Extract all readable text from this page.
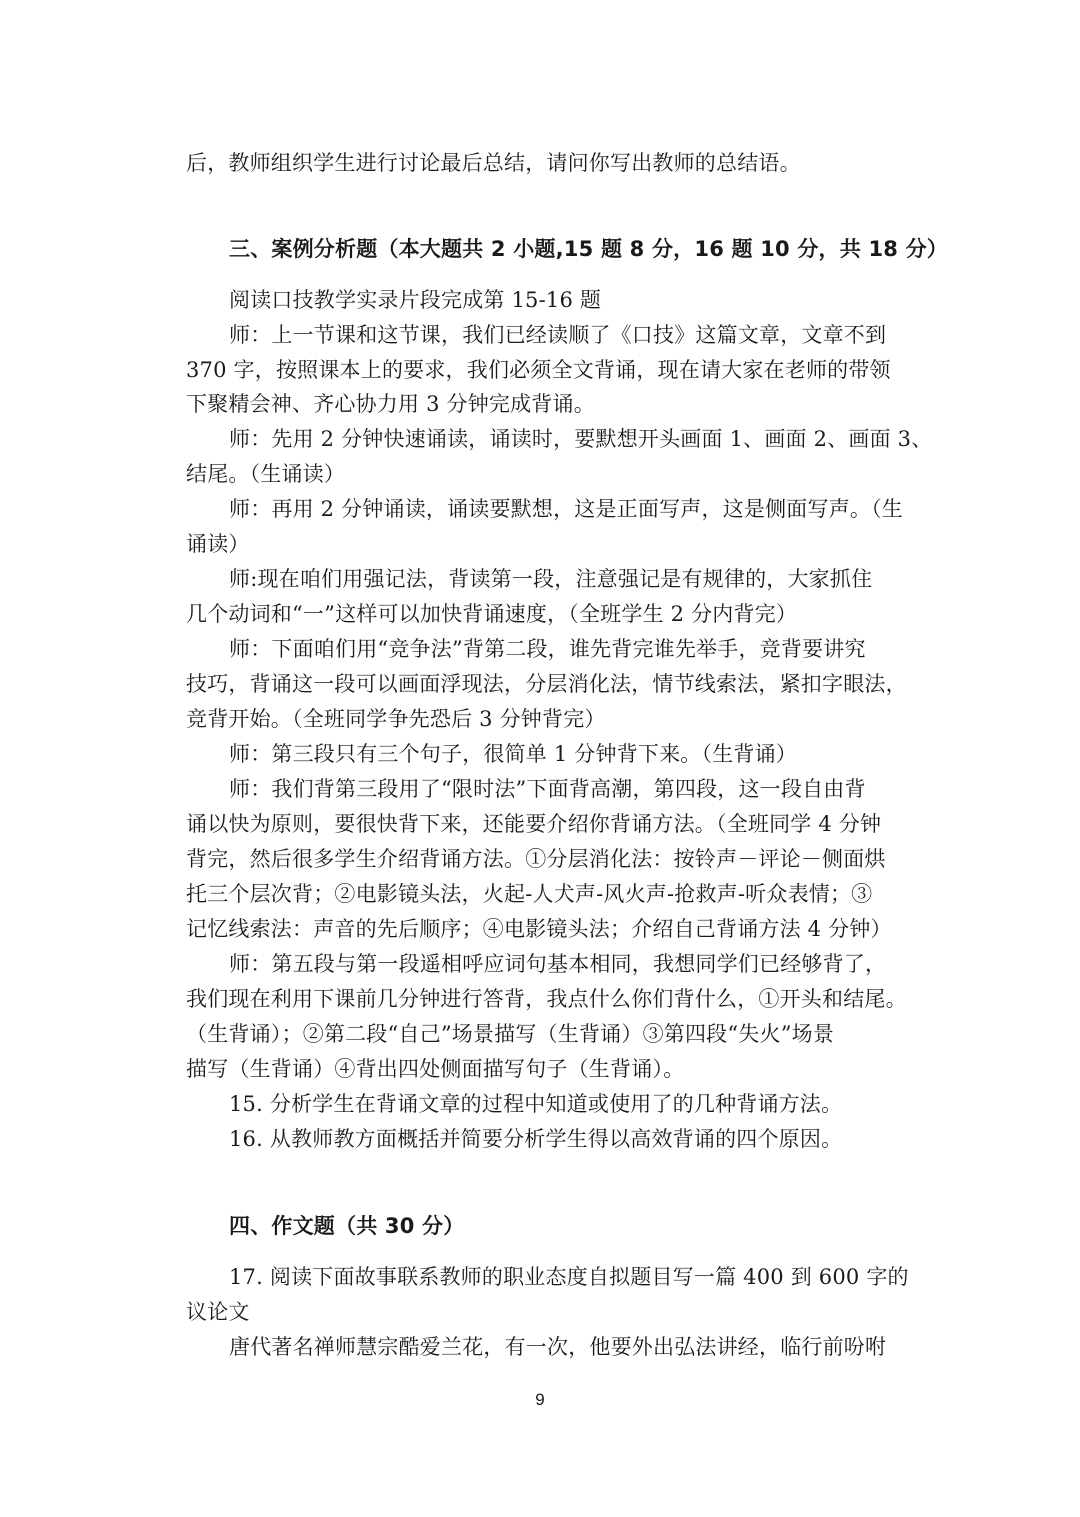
后，教师组织学生进行讨论最后总结，请问你写出教师的总结语。
三、案例分析题（本大题共 2 小题,15 题 8 分，16 题 10 分，共 18 分）
阅读口技教学实录片段完成第 15-16 题
师：上一节课和这节课，我们已经读顺了《口技》这篇文章，文章不到
370 字，按照课本上的要求，我们必须全文背诵，现在请大家在老师的带领
下聚精会神、齐心协力用 3 分钟完成背诵。
师：先用 2 分钟快速诵读，诵读时，要默想开头画面 1、画面 2、画面 3、
结尾。（生诵读）
师：再用 2 分钟诵读，诵读要默想，这是正面写声，这是侧面写声。（生
诵读）
师:现在咱们用强记法，背读第一段，注意强记是有规律的，大家抓住
几个动词和“一”这样可以加快背诵速度，（全班学生 2 分内背完）
师：下面咱们用“竞争法”背第二段，谁先背完谁先举手，竞背要讲究
技巧，背诵这一段可以画面浮现法，分层消化法，情节线索法，紧扣字眼法，
竞背开始。（全班同学争先恐后 3 分钟背完）
师：第三段只有三个句子，很简单 1 分钟背下来。（生背诵）
师：我们背第三段用了“限时法”下面背高潮，第四段，这一段自由背
诵以快为原则，要很快背下来，还能要介绍你背诵方法。（全班同学 4 分钟
背完，然后很多学生介绍背诵方法。①分层消化法：按铃声－评论－侧面烘
托三个层次背；②电影镜头法，火起-人犬声-风火声-抢救声-听众表情；③
记忆线索法：声音的先后顺序；④电影镜头法；介绍自己背诵方法 4 分钟）
师：第五段与第一段遥相呼应词句基本相同，我想同学们已经够背了，
我们现在利用下课前几分钟进行答背，我点什么你们背什么，①开头和结尾。
（生背诵）；②第二段“自己”场景描写（生背诵）③第四段“失火”场景
描写（生背诵）④背出四处侧面描写句子（生背诵）。
15. 分析学生在背诵文章的过程中知道或使用了的几种背诵方法。
16. 从教师教方面概括并简要分析学生得以高效背诵的四个原因。
四、作文题（共 30 分）
17. 阅读下面故事联系教师的职业态度自拟题目写一篇 400 到 600 字的
议论文
唐代著名禅师慧宗酷爱兰花，有一次，他要外出弘法讲经，临行前吩咐
9
